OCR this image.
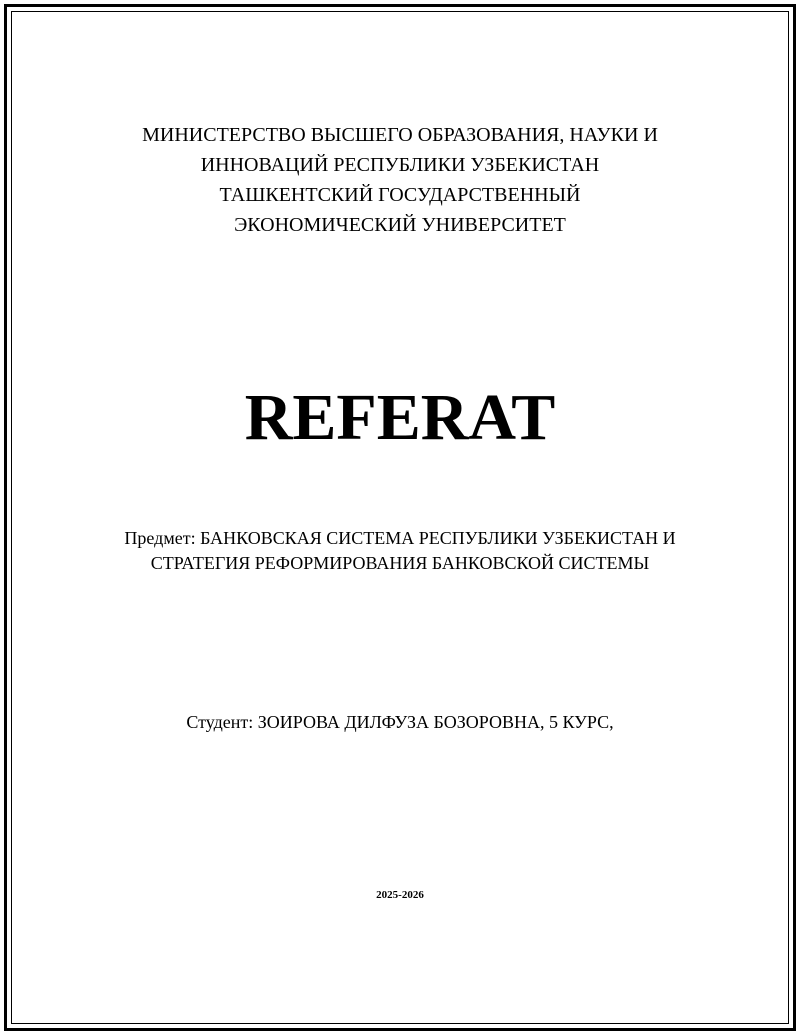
МИНИСТЕРСТВО ВЫСШЕГО ОБРАЗОВАНИЯ, НАУКИ И
ИННОВАЦИЙ РЕСПУБЛИКИ УЗБЕКИСТАН
ТАШКЕНТСКИЙ ГОСУДАРСТВЕННЫЙ
ЭКОНОМИЧЕСКИЙ УНИВЕРСИТЕТ
REFERAT
Предмет: БАНКОВСКАЯ СИСТЕМА РЕСПУБЛИКИ УЗБЕКИСТАН И
СТРАТЕГИЯ РЕФОРМИРОВАНИЯ БАНКОВСКОЙ СИСТЕМЫ
Студент: ЗОИРОВА ДИЛФУЗА БОЗОРОВНА, 5 КУРС,
2025-2026
